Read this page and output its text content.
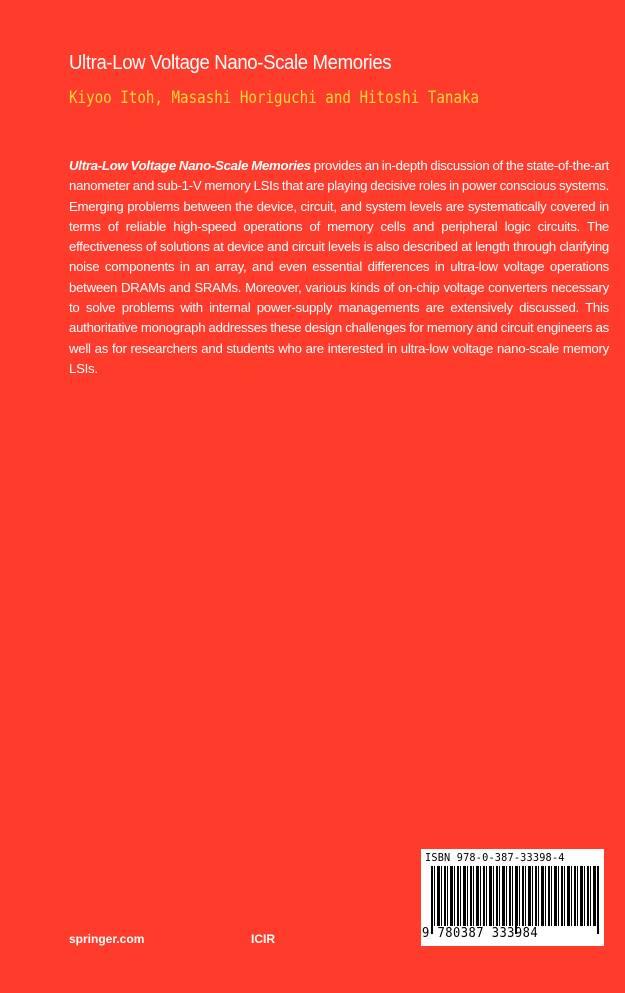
Ultra-Low Voltage Nano-Scale Memories
Kiyoo Itoh, Masashi Horiguchi and Hitoshi Tanaka
Ultra-Low Voltage Nano-Scale Memories provides an in-depth discussion of the state-of-the-art nanometer and sub-1-V memory LSIs that are playing decisive roles in power conscious systems. Emerging problems between the device, circuit, and system levels are systematically covered in terms of reliable high-speed operations of memory cells and peripheral logic circuits. The effectiveness of solutions at device and circuit levels is also described at length through clarifying noise components in an array, and even essential differences in ultra-low voltage operations between DRAMs and SRAMs. Moreover, various kinds of on-chip voltage converters necessary to solve problems with internal power-supply managements are extensively discussed. This authoritative monograph addresses these design challenges for memory and circuit engineers as well as for researchers and students who are interested in ultra-low voltage nano-scale memory LSIs.
springer.com	ICIR
ISBN 978-0-387-33398-4
9 780387 333984
